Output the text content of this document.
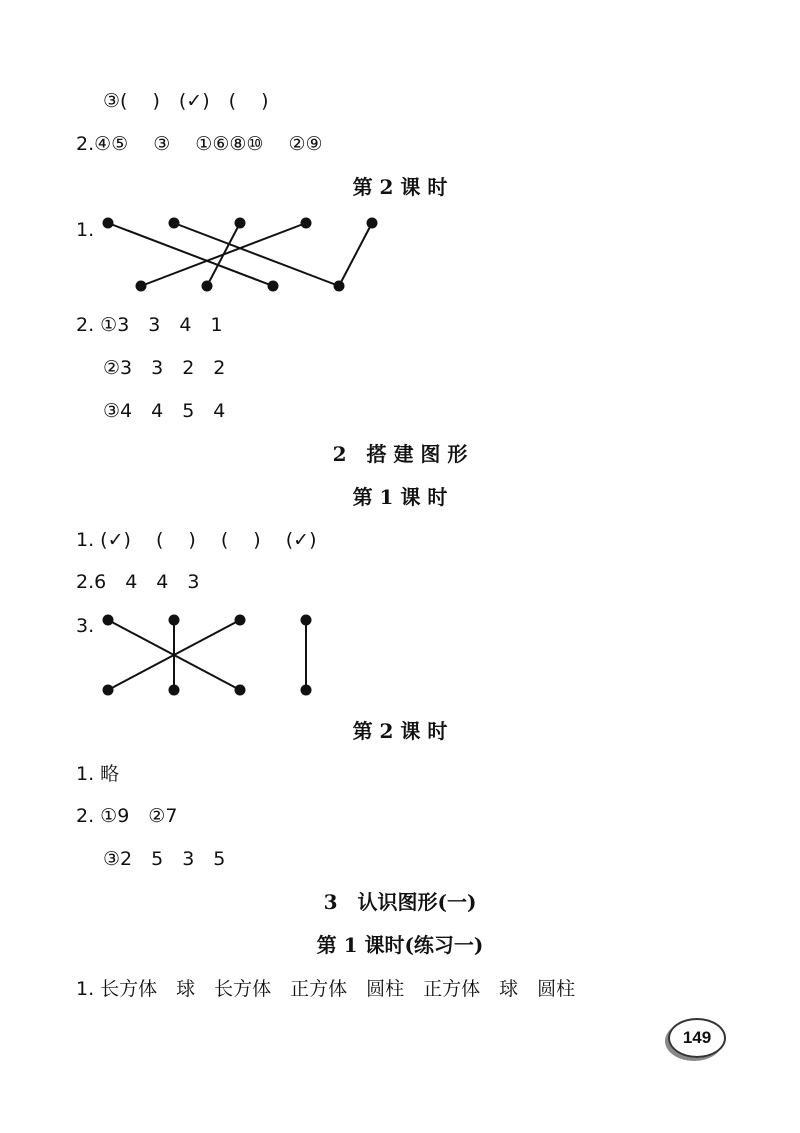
③(　 )　(✓)　(　 )
2.④⑤　 ③　 ①⑥⑧⑩　 ②⑨
第 2 课 时
1.
2. ①3　3　4　1
②3　3　2　2
③4　4　5　4
2　搭 建 图 形
第 1 课 时
1. (✓)　 (　 )　 (　 )　 (✓)
2.6　4　4　3
3.
第 2 课 时
1. 略
2. ①9　②7
③2　5　3　5
3　认识图形(一)
第 1 课时(练习一)
1. 长方体　球　长方体　正方体　圆柱　正方体　球　圆柱
149
